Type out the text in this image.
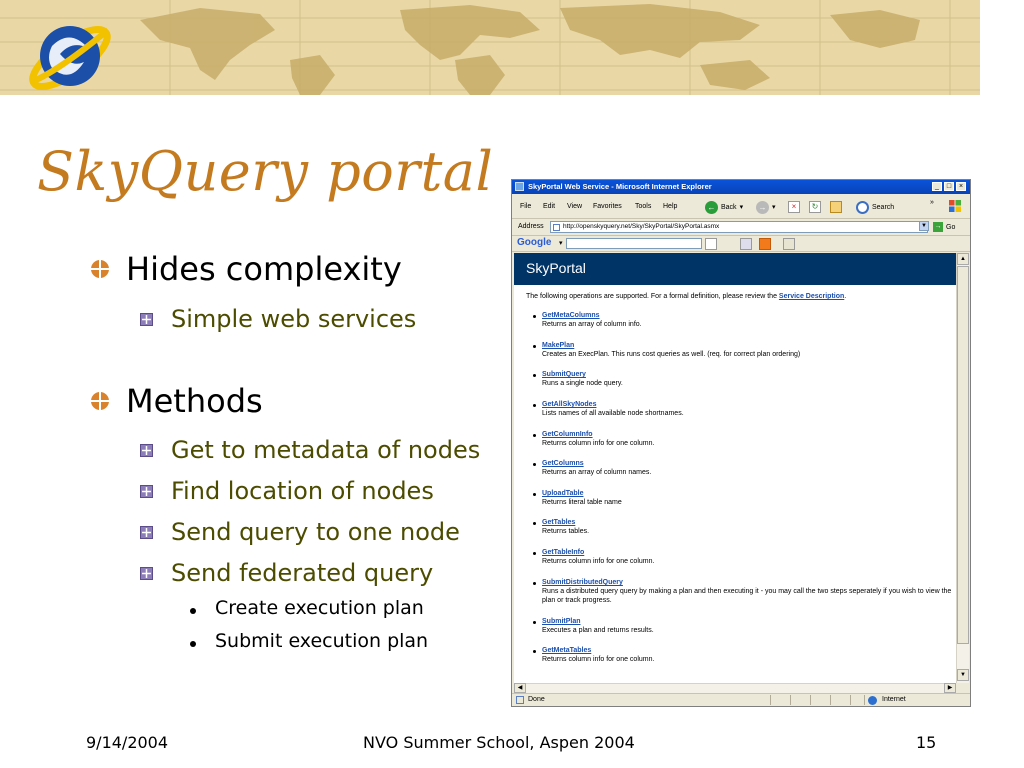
SkyQuery portal
Hides complexity
Simple web services
Methods
Get to metadata of nodes
Find location of nodes
Send query to one node
Send federated query
Create execution plan
Submit execution plan
SkyPortal Web Service - Microsoft Internet Explorer	_	□	×
File Edit View Favorites Tools Help	← Back ▾	→ ▾	×	↻	Search
»
Address	http://openskyquery.net/Sky/SkyPortal/SkyPortal.asmx	▼ → Go
Google ▾
SkyPortal
The following operations are supported. For a formal definition, please review the Service Description.
GetMetaColumns
Returns an array of column info.
MakePlan
Creates an ExecPlan. This runs cost queries as well. (req. for correct plan ordering)
SubmitQuery
Runs a single node query.
GetAllSkyNodes
Lists names of all available node shortnames.
GetColumnInfo
Returns column info for one column.
GetColumns
Returns an array of column names.
UploadTable
Returns literal table name
GetTables
Returns tables.
GetTableInfo
Returns column info for one column.
SubmitDistributedQuery
Runs a distributed query query by making a plan and then executing it - you may call the two steps seperately if you wish to view the plan or track progress.
SubmitPlan
Executes a plan and returns results.
GetMetaTables
Returns column info for one column.
▲
▼
◀	▶
Done	Internet
9/14/2004	NVO Summer School, Aspen 2004	15
